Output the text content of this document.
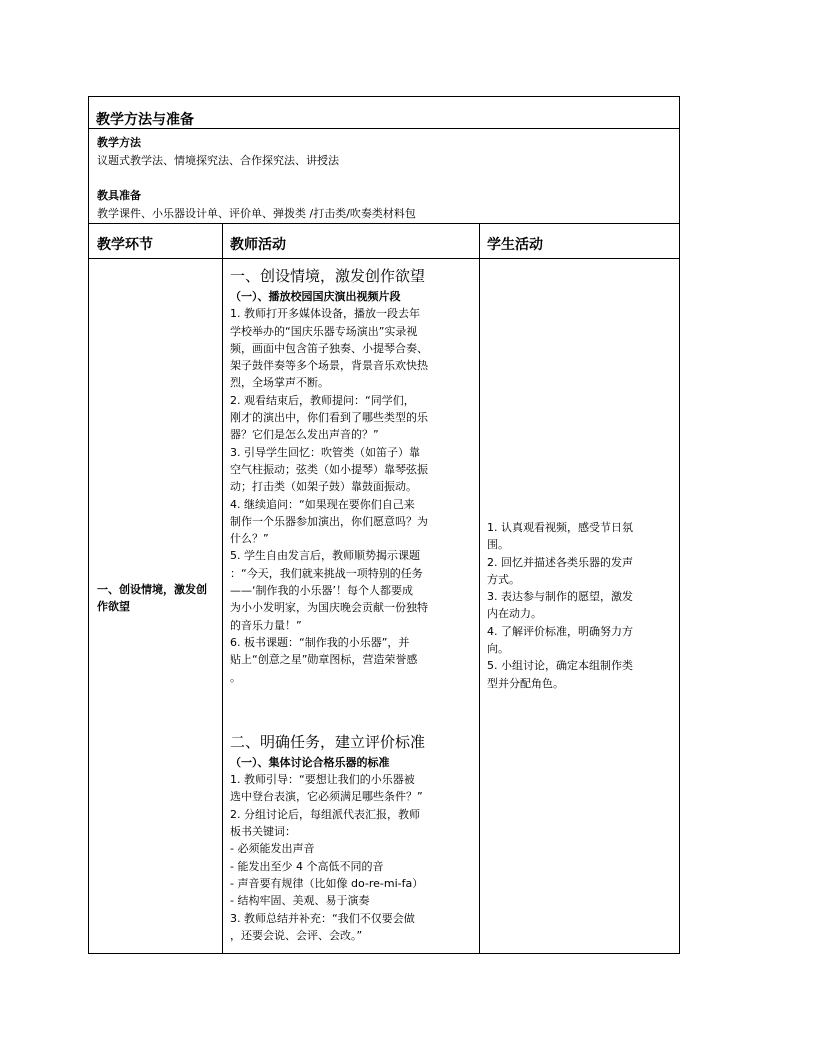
教学方法与准备
教学方法
议题式教学法、情境探究法、合作探究法、讲授法
教具准备
教学课件、小乐器设计单、评价单、弹拨类 /打击类/吹奏类材料包
教学环节	教师活动	学生活动
一、创设情境，激发创作欲望
一、创设情境，激发创作欲望
（一）、播放校园国庆演出视频片段

1. 教师打开多媒体设备，播放一段去年

学校举办的“国庆乐器专场演出”实录视

频，画面中包含笛子独奏、小提琴合奏、

架子鼓伴奏等多个场景，背景音乐欢快热

烈，全场掌声不断。

2. 观看结束后，教师提问：“同学们，

刚才的演出中，你们看到了哪些类型的乐

器？它们是怎么发出声音的？”

3. 引导学生回忆：吹管类（如笛子）靠

空气柱振动；弦类（如小提琴）靠琴弦振

动；打击类（如架子鼓）靠鼓面振动。

4. 继续追问：“如果现在要你们自己来

制作一个乐器参加演出，你们愿意吗？为

什么？”

5. 学生自由发言后，教师顺势揭示课题

：“今天，我们就来挑战一项特别的任务

——‘制作我的小乐器’！每个人都要成

为小小发明家，为国庆晚会贡献一份独特

的音乐力量！”

6. 板书课题：“制作我的小乐器”，并

贴上“创意之星”勋章图标，营造荣誉感

。

二、明确任务，建立评价标准
（一）、集体讨论合格乐器的标准

1. 教师引导：“要想让我们的小乐器被

选中登台表演，它必须满足哪些条件？”

2. 分组讨论后，每组派代表汇报，教师

板书关键词：

- 必须能发出声音

- 能发出至少 4 个高低不同的音

- 声音要有规律（比如像 do-re-mi-fa）

- 结构牢固、美观、易于演奏

3. 教师总结并补充：“我们不仅要会做

，还要会说、会评、会改。”

1. 认真观看视频，感受节日氛

围。

2. 回忆并描述各类乐器的发声

方式。

3. 表达参与制作的愿望，激发

内在动力。

4. 了解评价标准，明确努力方

向。

5. 小组讨论，确定本组制作类

型并分配角色。
